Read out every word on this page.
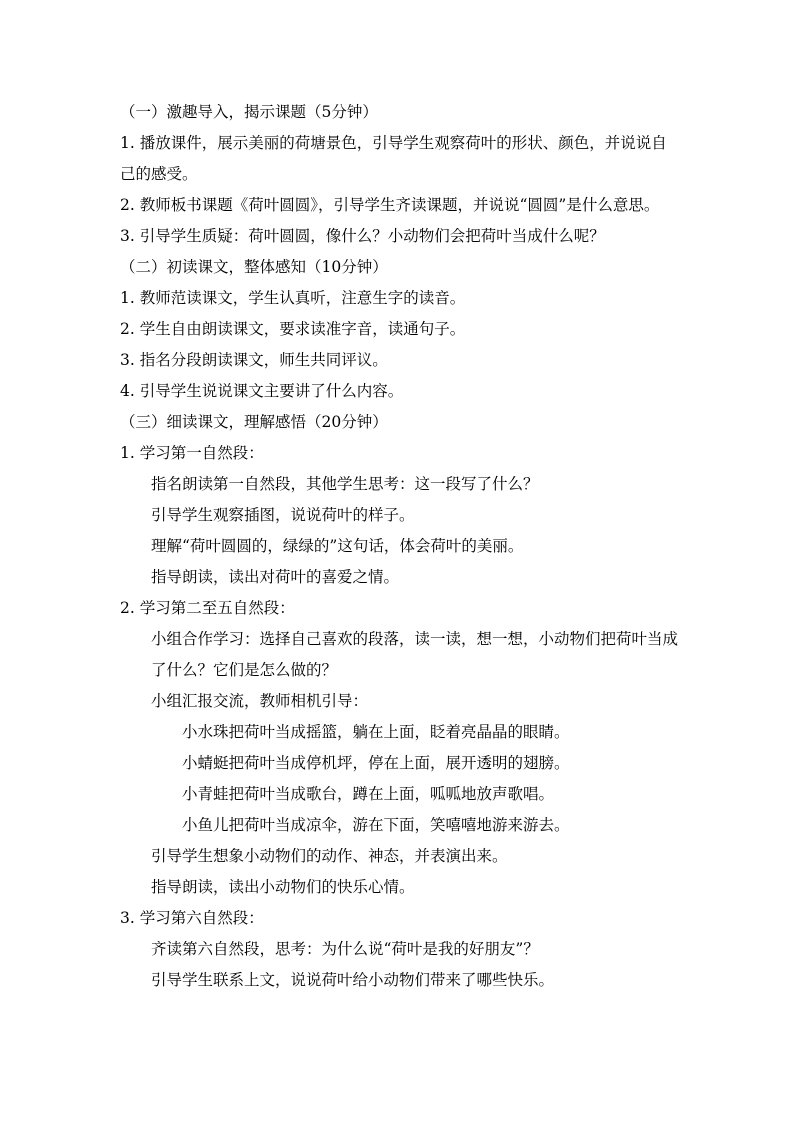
（一）激趣导入，揭示课题（5分钟）
1. 播放课件，展示美丽的荷塘景色，引导学生观察荷叶的形状、颜色，并说说自己的感受。
2. 教师板书课题《荷叶圆圆》，引导学生齐读课题，并说说“圆圆”是什么意思。
3. 引导学生质疑：荷叶圆圆，像什么？小动物们会把荷叶当成什么呢？
（二）初读课文，整体感知（10分钟）
1. 教师范读课文，学生认真听，注意生字的读音。
2. 学生自由朗读课文，要求读准字音，读通句子。
3. 指名分段朗读课文，师生共同评议。
4. 引导学生说说课文主要讲了什么内容。
（三）细读课文，理解感悟（20分钟）
1. 学习第一自然段：
指名朗读第一自然段，其他学生思考：这一段写了什么？
引导学生观察插图，说说荷叶的样子。
理解“荷叶圆圆的，绿绿的”这句话，体会荷叶的美丽。
指导朗读，读出对荷叶的喜爱之情。
2. 学习第二至五自然段：
小组合作学习：选择自己喜欢的段落，读一读，想一想，小动物们把荷叶当成了什么？它们是怎么做的？
小组汇报交流，教师相机引导：
小水珠把荷叶当成摇篮，躺在上面，眨着亮晶晶的眼睛。
小蜻蜓把荷叶当成停机坪，停在上面，展开透明的翅膀。
小青蛙把荷叶当成歌台，蹲在上面，呱呱地放声歌唱。
小鱼儿把荷叶当成凉伞，游在下面，笑嘻嘻地游来游去。
引导学生想象小动物们的动作、神态，并表演出来。
指导朗读，读出小动物们的快乐心情。
3. 学习第六自然段：
齐读第六自然段，思考：为什么说“荷叶是我的好朋友”？
引导学生联系上文，说说荷叶给小动物们带来了哪些快乐。
